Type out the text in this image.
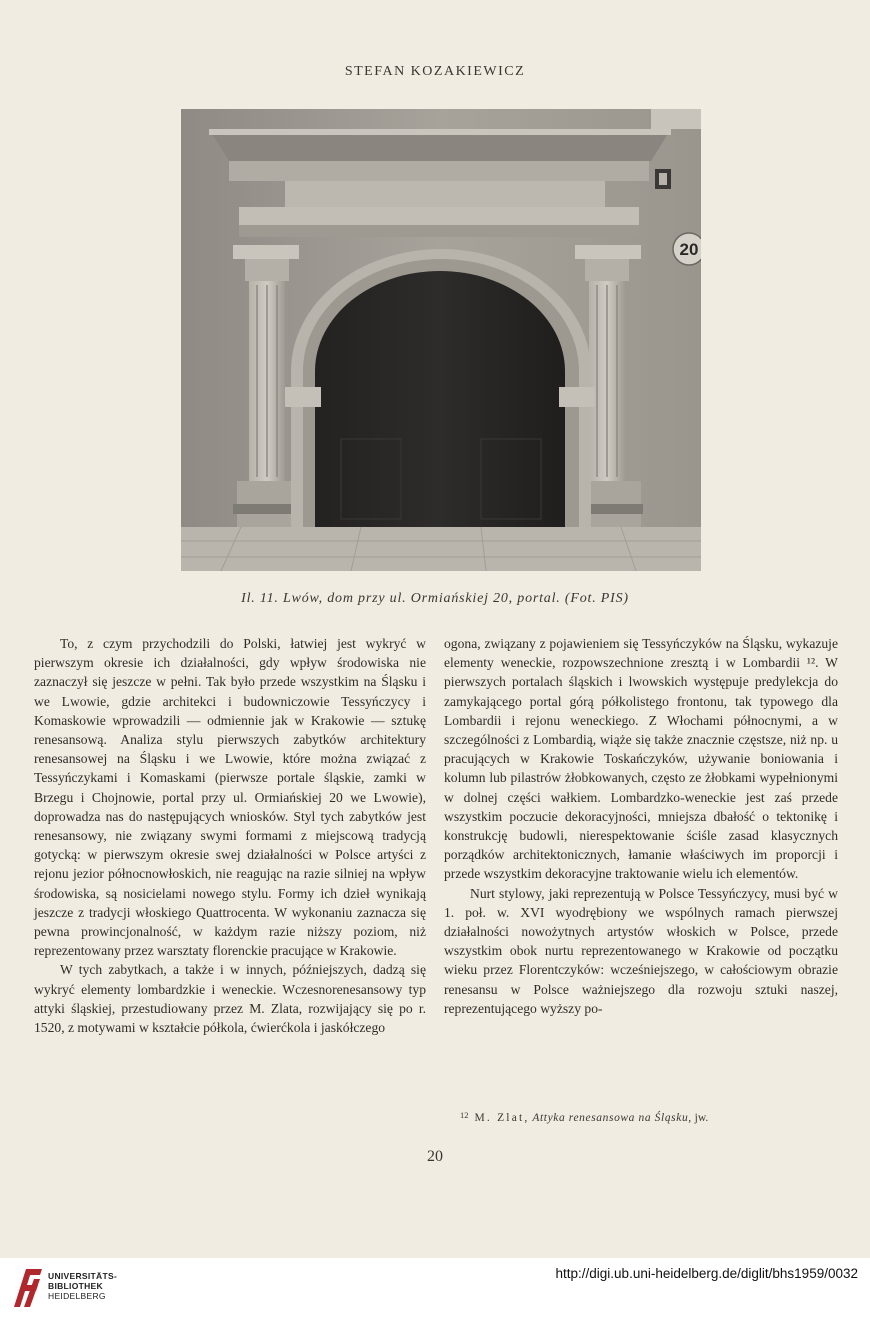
STEFAN KOZAKIEWICZ
20
Il. 11. Lwów, dom przy ul. Ormiańskiej 20, portal. (Fot. PIS)

To, z czym przychodzili do Polski, łatwiej jest wykryć w pierwszym okresie ich działalności, gdy wpływ środowiska nie zaznaczył się jeszcze w pełni. Tak było przede wszystkim na Śląsku i we Lwowie, gdzie architekci i budowniczowie Tessyńczycy i Komaskowie wprowadzili — odmiennie jak w Krakowie — sztukę renesansową. Analiza stylu pierwszych zabytków architektury renesansowej na Śląsku i we Lwowie, które można związać z Tessyńczykami i Komaskami (pierwsze portale śląskie, zamki w Brzegu i Chojnowie, portal przy ul. Ormiańskiej 20 we Lwowie), doprowadza nas do następujących wniosków. Styl tych zabytków jest renesansowy, nie związany swymi formami z miejscową tradycją gotycką: w pierwszym okresie swej działalności w Polsce artyści z rejonu jezior północnowłoskich, nie reagując na razie silniej na wpływ środowiska, są nosicielami nowego stylu. Formy ich dzieł wynikają jeszcze z tradycji włoskiego Quattrocenta. W wykonaniu zaznacza się pewna prowincjonalność, w każdym razie niższy poziom, niż reprezentowany przez warsztaty florenckie pracujące w Krakowie.

W tych zabytkach, a także i w innych, późniejszych, dadzą się wykryć elementy lombardzkie i weneckie. Wczesnorenesansowy typ attyki śląskiej, przestudiowany przez M. Zlata, rozwijający się po r. 1520, z motywami w kształcie półkola, ćwierćkola i jaskółczego

ogona, związany z pojawieniem się Tessyńczyków na Śląsku, wykazuje elementy weneckie, rozpowszechnione zresztą i w Lombardii ¹². W pierwszych portalach śląskich i lwowskich występuje predylekcja do zamykającego portal górą półkolistego frontonu, tak typowego dla Lombardii i rejonu weneckiego. Z Włochami północnymi, a w szczególności z Lombardią, wiąże się także znacznie częstsze, niż np. u pracujących w Krakowie Toskańczyków, używanie boniowania i kolumn lub pilastrów żłobkowanych, często ze żłobkami wypełnionymi w dolnej części wałkiem. Lombardzko-weneckie jest zaś przede wszystkim poczucie dekoracyjności, mniejsza dbałość o tektonikę i konstrukcję budowli, nierespektowanie ściśle zasad klasycznych porządków architektonicznych, łamanie właściwych im proporcji i przede wszystkim dekoracyjne traktowanie wielu ich elementów.

Nurt stylowy, jaki reprezentują w Polsce Tessyńczycy, musi być w 1. poł. w. XVI wyodrębiony we wspólnych ramach pierwszej działalności nowożytnych artystów włoskich w Polsce, przede wszystkim obok nurtu reprezentowanego w Krakowie od początku wieku przez Florentczyków: wcześniejszego, w całościowym obrazie renesansu w Polsce ważniejszego dla rozwoju sztuki naszej, reprezentującego wyższy po-

$^{12}$ M. Zlat, Attyka renesansowa na Śląsku, jw.
20
UNIVERSITÄTS-
BIBLIOTHEK
HEIDELBERG
http://digi.ub.uni-heidelberg.de/diglit/bhs1959/0032
